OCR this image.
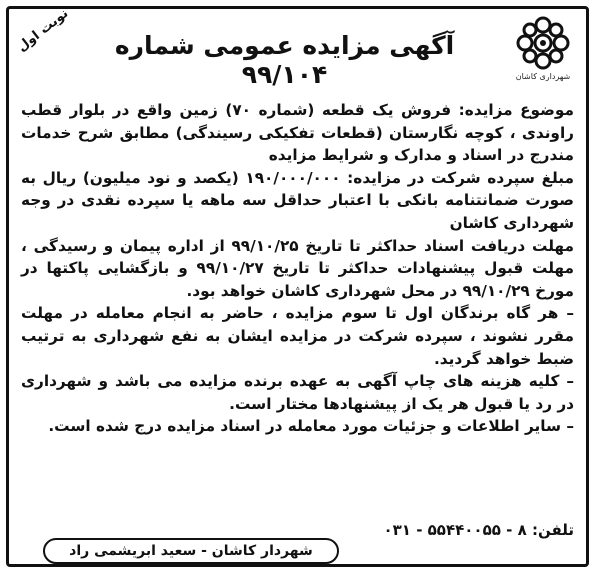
شهرداری کاشان
آگهی مزایده عمومی شماره ۹۹/۱۰۴
نوبت اول

موضوع مزایده: فروش یک قطعه (شماره ۷۰) زمین واقع در بلوار قطب راوندی ، کوچه نگارستان (قطعات تفکیکی رسیندگی) مطابق شرح خدمات مندرج در اسناد و مدارک و شرایط مزایده

مبلغ سپرده شرکت در مزایده: ۱۹۰/۰۰۰/۰۰۰ (یکصد و نود میلیون) ریال به صورت ضمانتنامه بانکی با اعتبار حداقل سه ماهه یا سپرده نقدی در وجه شهرداری کاشان

مهلت دریافت اسناد حداکثر تا تاریخ ۹۹/۱۰/۲۵ از اداره پیمان و رسیدگی ، مهلت قبول پیشنهادات حداکثر تا تاریخ ۹۹/۱۰/۲۷ و بازگشایی پاکتها در مورخ ۹۹/۱۰/۲۹ در محل شهرداری کاشان خواهد بود.

– هر گاه برندگان اول تا سوم مزایده ، حاضر به انجام معامله در مهلت مقرر نشوند ، سپرده شرکت در مزایده ایشان به نفع شهرداری به ترتیب ضبط خواهد گردید.

– کلیه هزینه های چاپ آگهی به عهده برنده مزایده می باشد و شهرداری در رد یا قبول هر یک از پیشنهادها مختار است.

– سایر اطلاعات و جزئیات مورد معامله در اسناد مزایده درج شده است.

تلفن: ۸ - ۵۵۴۴۰۰۵۵ - ۰۳۱
شهردار کاشان - سعید ابریشمی راد
